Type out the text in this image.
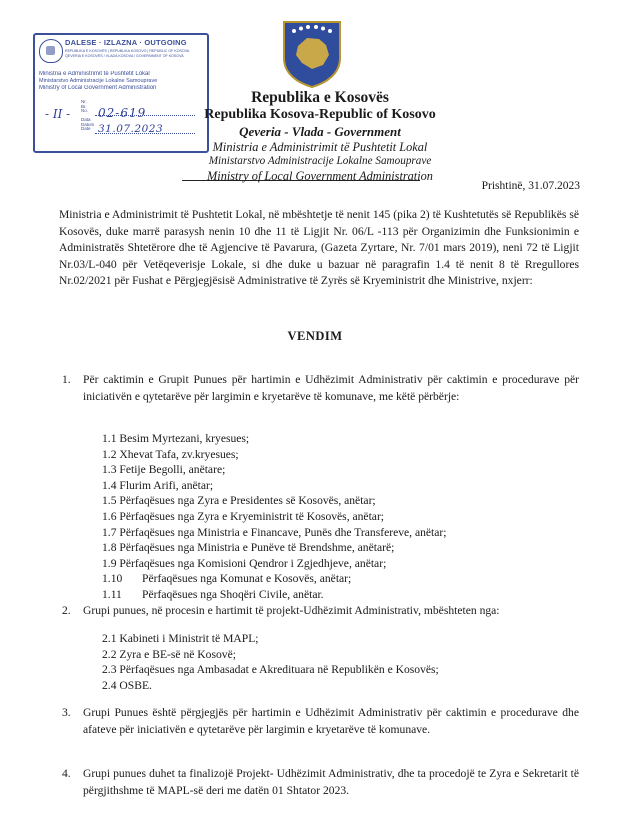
DALESE · IZLAZNA · OUTGOING
REPUBLIKA E KOSOVËS | REPUBLIKA KOSOVO | REPUBLIC OF KOSOVA
QEVERIA E KOSOVËS / VLADA KOSOVA / GOVERNMENT OF KOSOVA
Ministria e Administrimit të Pushtetit Lokal
Ministarstvo Administracije Lokalne Samouprave
Ministry of Local Government Administration
Nr.
Br.
No.
Data
Datum
Date
- II - 02-619
31.07.2023
Republika e Kosovës
Republika Kosova-Republic of Kosovo
Qeveria - Vlada - Government
Ministria e Administrimit të Pushtetit Lokal
Ministarstvo Administracije Lokalne Samouprave
Ministry of Local Government Administration
Prishtinë, 31.07.2023
Ministria e Administrimit të Pushtetit Lokal, në mbështetje të nenit 145 (pika 2) të Kushtetutës së Republikës së Kosovës, duke marrë parasysh nenin 10 dhe 11 të Ligjit Nr. 06/L -113 për Organizimin dhe Funksionimin e Administratës Shtetërore dhe të Agjencive të Pavarura, (Gazeta Zyrtare, Nr. 7/01 mars 2019), neni 72 të Ligjit Nr.03/L-040 për Vetëqeverisje Lokale, si dhe duke u bazuar në paragrafin 1.4 të nenit 8 të Rregullores Nr.02/2021 për Fushat e Përgjegjësisë Administrative të Zyrës së Kryeministrit dhe Ministrive, nxjerr:
VENDIM
1. Për caktimin e Grupit Punues për hartimin e Udhëzimit Administrativ për caktimin e procedurave për iniciativën e qytetarëve për largimin e kryetarëve të komunave, me këtë përbërje:
1.1 Besim Myrtezani, kryesues;
1.2 Xhevat Tafa, zv.kryesues;
1.3 Fetije Begolli, anëtare;
1.4 Flurim Arifi, anëtar;
1.5 Përfaqësues nga Zyra e Presidentes së Kosovës, anëtar;
1.6 Përfaqësues nga Zyra e Kryeministrit të Kosovës, anëtar;
1.7 Përfaqësues nga Ministria e Financave, Punës dhe Transfereve, anëtar;
1.8 Përfaqësues nga Ministria e Punëve të Brendshme, anëtarë;
1.9 Përfaqësues nga Komisioni Qendror i Zgjedhjeve, anëtar;
1.10 Përfaqësues nga Komunat e Kosovës, anëtar;
1.11 Përfaqësues nga Shoqëri Civile, anëtar.
2. Grupi punues, në procesin e hartimit të projekt-Udhëzimit Administrativ, mbështeten nga:
2.1 Kabineti i Ministrit të MAPL;
2.2 Zyra e BE-së në Kosovë;
2.3 Përfaqësues nga Ambasadat e Akredituara në Republikën e Kosovës;
2.4 OSBE.
3. Grupi Punues është përgjegjës për hartimin e Udhëzimit Administrativ për caktimin e procedurave dhe afateve për iniciativën e qytetarëve për largimin e kryetarëve të komunave.
4. Grupi punues duhet ta finalizojë Projekt- Udhëzimit Administrativ, dhe ta procedojë te Zyra e Sekretarit të përgjithshme të MAPL-së deri me datën 01 Shtator 2023.
